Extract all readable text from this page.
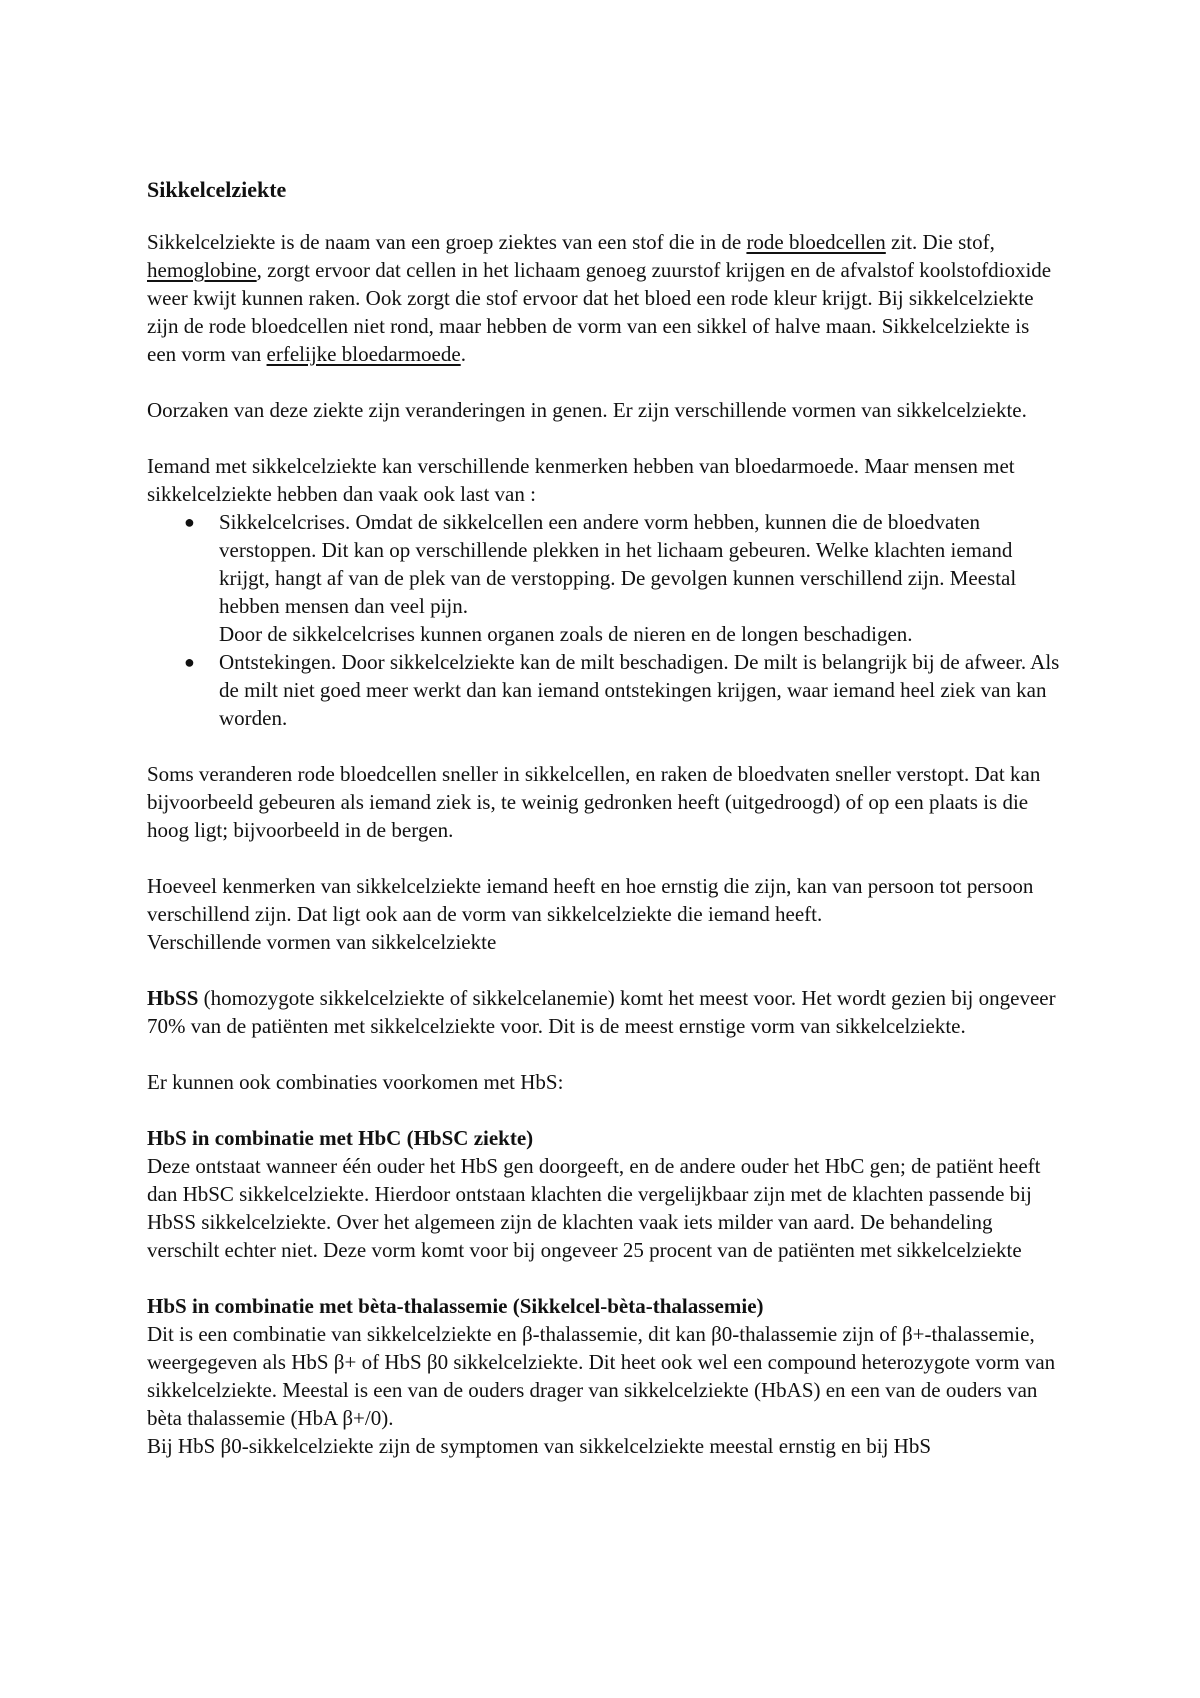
Sikkelcelziekte

Sikkelcelziekte is de naam van een groep ziektes van een stof die in de rode bloedcellen zit. Die stof, hemoglobine, zorgt ervoor dat cellen in het lichaam genoeg zuurstof krijgen en de afvalstof koolstofdioxide weer kwijt kunnen raken. Ook zorgt die stof ervoor dat het bloed een rode kleur krijgt. Bij sikkelcelziekte zijn de rode bloedcellen niet rond, maar hebben de vorm van een sikkel of halve maan. Sikkelcelziekte is een vorm van erfelijke bloedarmoede.

Oorzaken van deze ziekte zijn veranderingen in genen. Er zijn verschillende vormen van sikkelcelziekte.

Iemand met sikkelcelziekte kan verschillende kenmerken hebben van bloedarmoede. Maar mensen met sikkelcelziekte hebben dan vaak ook last van :

● Sikkelcelcrises. Omdat de sikkelcellen een andere vorm hebben, kunnen die de bloedvaten verstoppen. Dit kan op verschillende plekken in het lichaam gebeuren. Welke klachten iemand krijgt, hangt af van de plek van de verstopping. De gevolgen kunnen verschillend zijn. Meestal hebben mensen dan veel pijn.
Door de sikkelcelcrises kunnen organen zoals de nieren en de longen beschadigen.
● Ontstekingen. Door sikkelcelziekte kan de milt beschadigen. De milt is belangrijk bij de afweer. Als de milt niet goed meer werkt dan kan iemand ontstekingen krijgen, waar iemand heel ziek van kan worden.

Soms veranderen rode bloedcellen sneller in sikkelcellen, en raken de bloedvaten sneller verstopt. Dat kan bijvoorbeeld gebeuren als iemand ziek is, te weinig gedronken heeft (uitgedroogd) of op een plaats is die hoog ligt; bijvoorbeeld in de bergen.

Hoeveel kenmerken van sikkelcelziekte iemand heeft en hoe ernstig die zijn, kan van persoon tot persoon verschillend zijn. Dat ligt ook aan de vorm van sikkelcelziekte die iemand heeft.
Verschillende vormen van sikkelcelziekte

HbSS (homozygote sikkelcelziekte of sikkelcelanemie) komt het meest voor. Het wordt gezien bij ongeveer 70% van de patiënten met sikkelcelziekte voor. Dit is de meest ernstige vorm van sikkelcelziekte.

Er kunnen ook combinaties voorkomen met HbS:

HbS in combinatie met HbC (HbSC ziekte)

Deze ontstaat wanneer één ouder het HbS gen doorgeeft, en de andere ouder het HbC gen; de patiënt heeft dan HbSC sikkelcelziekte. Hierdoor ontstaan klachten die vergelijkbaar zijn met de klachten passende bij HbSS sikkelcelziekte. Over het algemeen zijn de klachten vaak iets milder van aard. De behandeling verschilt echter niet. Deze vorm komt voor bij ongeveer 25 procent van de patiënten met sikkelcelziekte

HbS in combinatie met bèta-thalassemie (Sikkelcel-bèta-thalassemie)

Dit is een combinatie van sikkelcelziekte en β-thalassemie, dit kan β0-thalassemie zijn of β+-thalassemie, weergegeven als HbS β+ of HbS β0 sikkelcelziekte. Dit heet ook wel een compound heterozygote vorm van sikkelcelziekte. Meestal is een van de ouders drager van sikkelcelziekte (HbAS) en een van de ouders van bèta thalassemie (HbA β+/0).
Bij HbS β0-sikkelcelziekte zijn de symptomen van sikkelcelziekte meestal ernstig en bij HbS
